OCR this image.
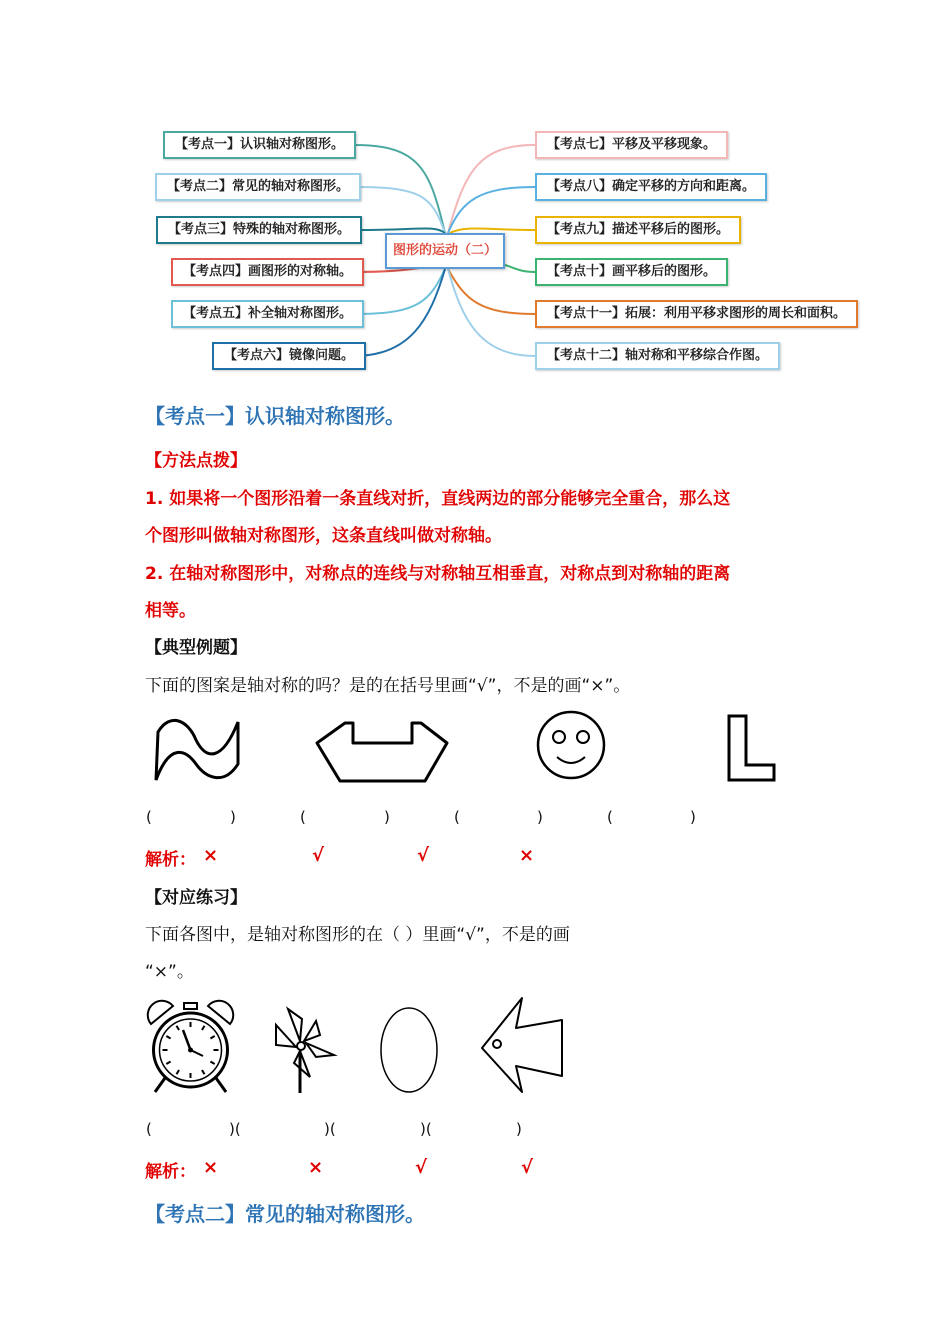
图形的运动（二）
【考点一】认识轴对称图形。
【考点二】常见的轴对称图形。
【考点三】特殊的轴对称图形。
【考点四】画图形的对称轴。
【考点五】补全轴对称图形。
【考点六】镜像问题。
【考点七】平移及平移现象。
【考点八】确定平移的方向和距离。
【考点九】描述平移后的图形。
【考点十】画平移后的图形。
【考点十一】拓展：利用平移求图形的周长和面积。
【考点十二】轴对称和平移综合作图。
【考点一】认识轴对称图形。
【方法点拨】
1. 如果将一个图形沿着一条直线对折，直线两边的部分能够完全重合，那么这
个图形叫做轴对称图形，这条直线叫做对称轴。
2. 在轴对称图形中，对称点的连线与对称轴互相垂直，对称点到对称轴的距离
相等。
【典型例题】
下面的图案是轴对称的吗？是的在括号里画“√”，不是的画“×”。
(	)	(	)	(	)	(	)
解析： ×	√	√	×
【对应练习】
下面各图中，是轴对称图形的在（ ）里画“√”，不是的画
“×”。
(	)(	)(	)(	)
解析： ×	×	√	√
【考点二】常见的轴对称图形。
